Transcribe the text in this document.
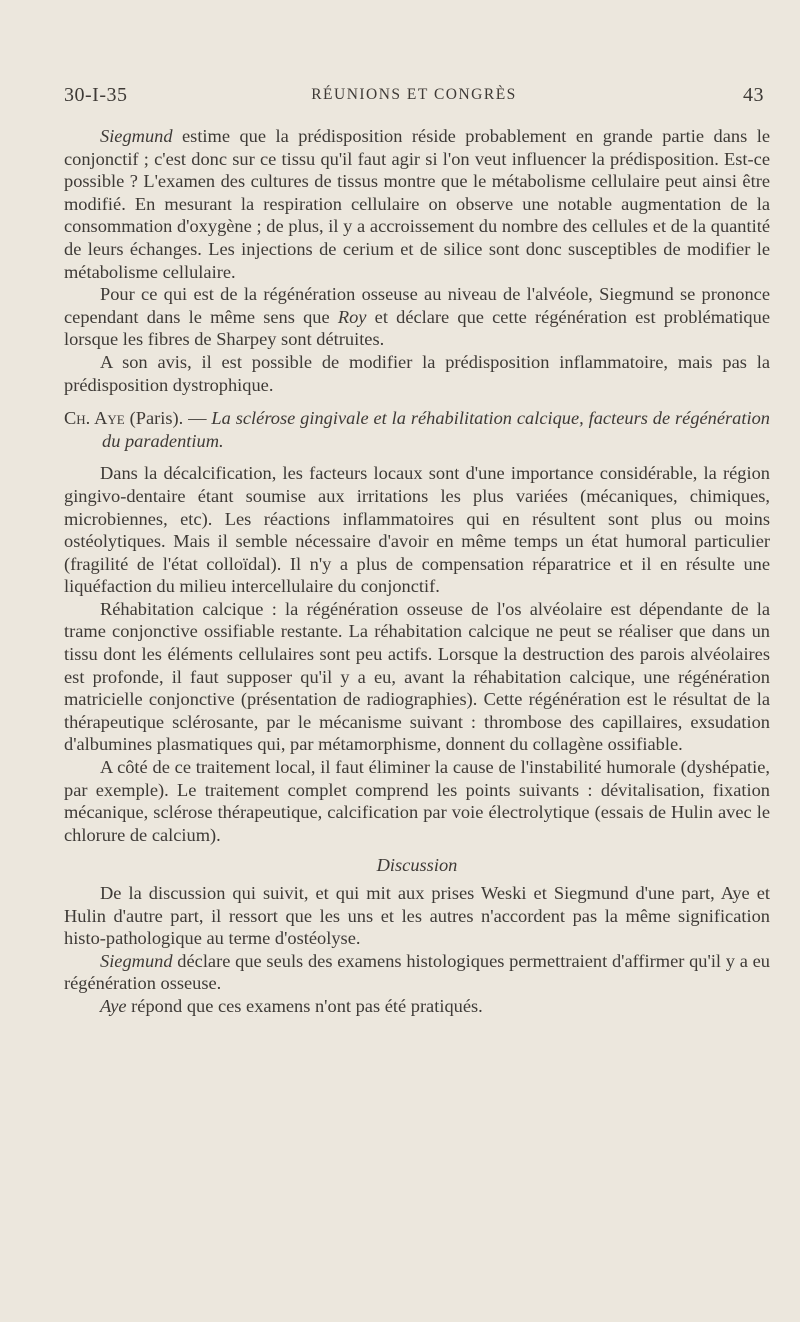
30-I-35	RÉUNIONS ET CONGRÈS	43

Siegmund estime que la prédisposition réside probablement en grande partie dans le conjonctif ; c'est donc sur ce tissu qu'il faut agir si l'on veut influencer la prédisposition. Est-ce possible ? L'examen des cultures de tissus montre que le métabolisme cellulaire peut ainsi être modifié. En mesurant la respiration cellulaire on observe une notable augmentation de la consommation d'oxygène ; de plus, il y a accroissement du nombre des cellules et de la quantité de leurs échanges. Les injections de cerium et de silice sont donc susceptibles de modifier le métabolisme cellulaire.

Pour ce qui est de la régénération osseuse au niveau de l'alvéole, Siegmund se prononce cependant dans le même sens que Roy et déclare que cette régénération est problématique lorsque les fibres de Sharpey sont détruites.

A son avis, il est possible de modifier la prédisposition inflammatoire, mais pas la prédisposition dystrophique.

Ch. Aye (Paris). — La sclérose gingivale et la réhabilitation calcique, facteurs de régénération du paradentium.

Dans la décalcification, les facteurs locaux sont d'une importance considérable, la région gingivo-dentaire étant soumise aux irritations les plus variées (mécaniques, chimiques, microbiennes, etc). Les réactions inflammatoires qui en résultent sont plus ou moins ostéolytiques. Mais il semble nécessaire d'avoir en même temps un état humoral particulier (fragilité de l'état colloïdal). Il n'y a plus de compensation réparatrice et il en résulte une liquéfaction du milieu intercellulaire du conjonctif.

Réhabitation calcique : la régénération osseuse de l'os alvéolaire est dépendante de la trame conjonctive ossifiable restante. La réhabitation calcique ne peut se réaliser que dans un tissu dont les éléments cellulaires sont peu actifs. Lorsque la destruction des parois alvéolaires est profonde, il faut supposer qu'il y a eu, avant la réhabitation calcique, une régénération matricielle conjonctive (présentation de radiographies). Cette régénération est le résultat de la thérapeutique sclérosante, par le mécanisme suivant : thrombose des capillaires, exsudation d'albumines plasmatiques qui, par métamorphisme, donnent du collagène ossifiable.

A côté de ce traitement local, il faut éliminer la cause de l'instabilité humorale (dyshépatie, par exemple). Le traitement complet comprend les points suivants : dévitalisation, fixation mécanique, sclérose thérapeutique, calcification par voie électrolytique (essais de Hulin avec le chlorure de calcium).

Discussion

De la discussion qui suivit, et qui mit aux prises Weski et Siegmund d'une part, Aye et Hulin d'autre part, il ressort que les uns et les autres n'accordent pas la même signification histo-pathologique au terme d'ostéolyse.

Siegmund déclare que seuls des examens histologiques permettraient d'affirmer qu'il y a eu régénération osseuse.

Aye répond que ces examens n'ont pas été pratiqués.
